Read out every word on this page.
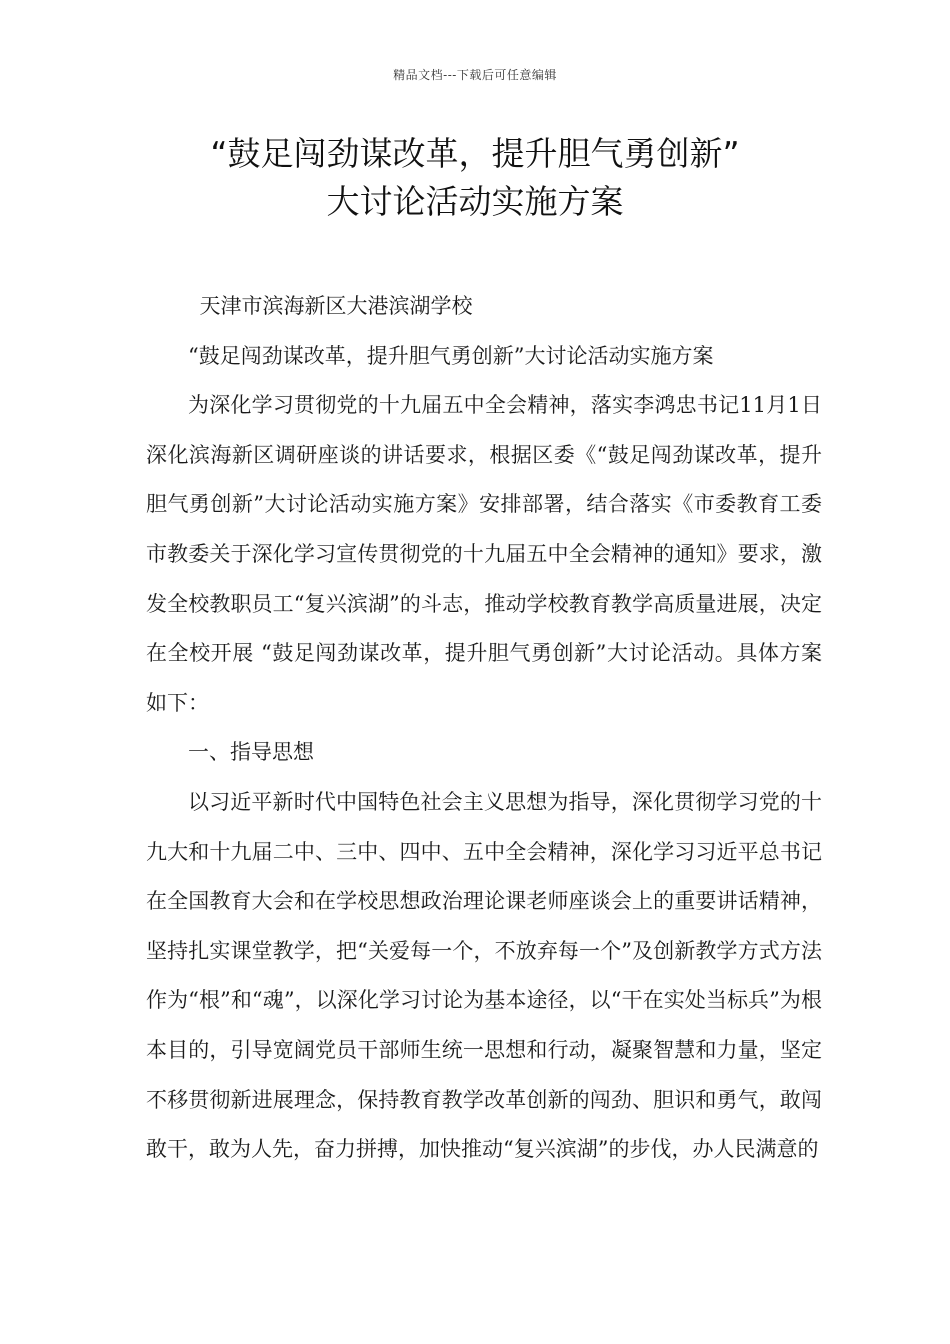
精品文档---下载后可任意编辑
“鼓足闯劲谋改革，提升胆气勇创新”
大讨论活动实施方案

天津市滨海新区大港滨湖学校

“鼓足闯劲谋改革，提升胆气勇创新”大讨论活动实施方案

为深化学习贯彻党的十九届五中全会精神，落实李鸿忠书记11月1日深化滨海新区调研座谈的讲话要求，根据区委《“鼓足闯劲谋改革，提升胆气勇创新”大讨论活动实施方案》安排部署，结合落实《市委教育工委 市教委关于深化学习宣传贯彻党的十九届五中全会精神的通知》要求，激发全校教职员工“复兴滨湖”的斗志，推动学校教育教学高质量进展，决定在全校开展 “鼓足闯劲谋改革，提升胆气勇创新”大讨论活动。具体方案如下：

一、指导思想

以习近平新时代中国特色社会主义思想为指导，深化贯彻学习党的十九大和十九届二中、三中、四中、五中全会精神，深化学习习近平总书记在全国教育大会和在学校思想政治理论课老师座谈会上的重要讲话精神，坚持扎实课堂教学，把“关爱每一个，不放弃每一个”及创新教学方式方法作为“根”和“魂”，以深化学习讨论为基本途径，以“干在实处当标兵”为根本目的，引导宽阔党员干部师生统一思想和行动，凝聚智慧和力量，坚定不移贯彻新进展理念，保持教育教学改革创新的闯劲、胆识和勇气，敢闯敢干，敢为人先，奋力拼搏，加快推动“复兴滨湖”的步伐，办人民满意的
